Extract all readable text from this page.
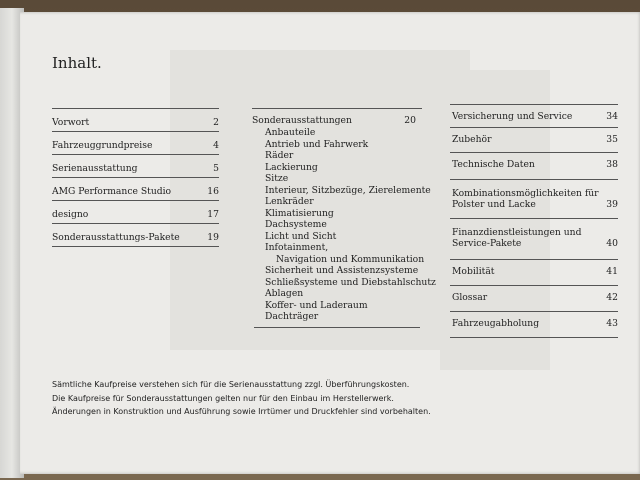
Inhalt.
Vorwort	2
Fahrzeuggrundpreise	4
Serienausstattung	5
AMG Performance Studio	16
designo	17
Sonderausstattungs-Pakete	19
Sonderausstattungen	20
Anbauteile
Antrieb und Fahrwerk
Räder
Lackierung
Sitze
Interieur, Sitzbezüge, Zierelemente
Lenkräder
Klimatisierung
Dachsysteme
Licht und Sicht
Infotainment,
Navigation und Kommunikation
Sicherheit und Assistenzsysteme
Schließsysteme und Diebstahlschutz
Ablagen
Koffer- und Laderaum
Dachträger
Versicherung und Service	34
Zubehör	35
Technische Daten	38
Kombinationsmöglichkeiten für
Polster und Lacke	39
Finanzdienstleistungen und
Service-Pakete	40
Mobilität	41
Glossar	42
Fahrzeugabholung	43

Sämtliche Kaufpreise verstehen sich für die Serienausstattung zzgl. Überführungskosten.

Die Kaufpreise für Sonderausstattungen gelten nur für den Einbau im Herstellerwerk.

Änderungen in Konstruktion und Ausführung sowie Irrtümer und Druckfehler sind vorbehalten.
